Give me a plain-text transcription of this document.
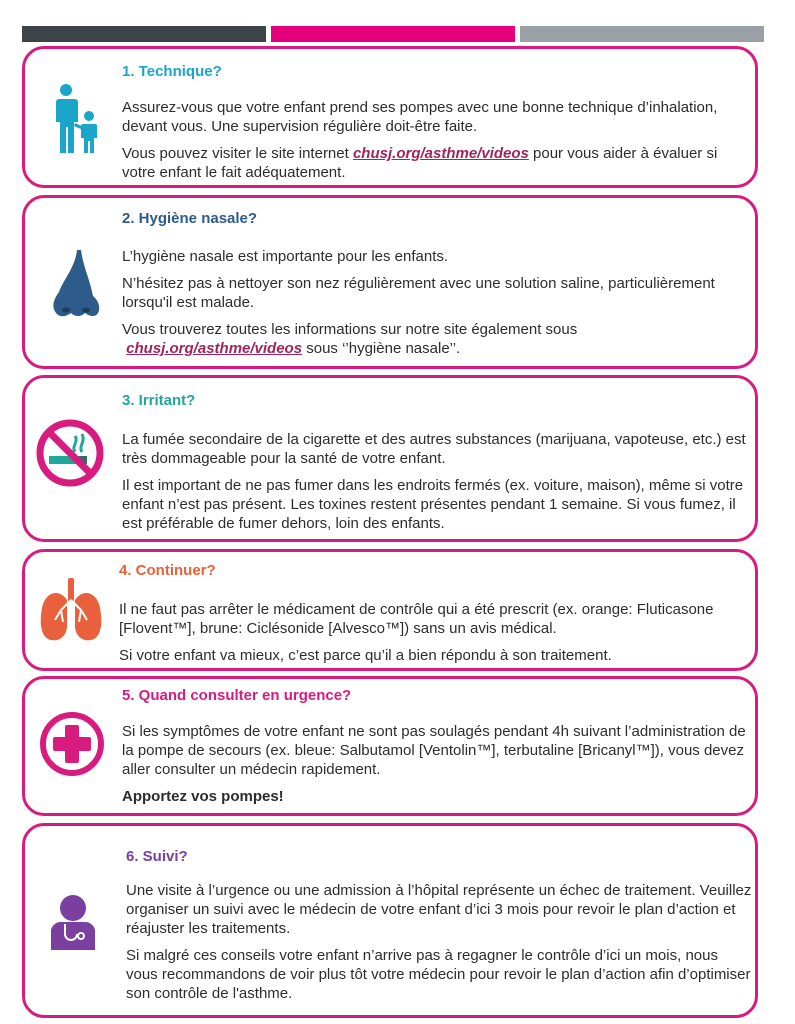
1. Technique?

Assurez-vous que votre enfant prend ses pompes avec une bonne technique d’inhalation, devant vous. Une supervision régulière doit-être faite.

Vous pouvez visiter le site internet chusj.org/asthme/videos pour vous aider à évaluer si votre enfant le fait adéquatement.

2. Hygiène nasale?

L’hygiène nasale est importante pour les enfants.

N’hésitez pas à nettoyer son nez régulièrement avec une solution saline, particulièrement lorsqu'il est malade.

Vous trouverez toutes les informations sur notre site également sous
chusj.org/asthme/videos sous ‘’hygiène nasale’’.

3. Irritant?

La fumée secondaire de la cigarette et des autres substances (marijuana, vapoteuse, etc.) est très dommageable pour la santé de votre enfant.

Il est important de ne pas fumer dans les endroits fermés (ex. voiture, maison), même si votre enfant n’est pas présent. Les toxines restent présentes pendant 1 semaine. Si vous fumez, il est préférable de fumer dehors, loin des enfants.

4. Continuer?

Il ne faut pas arrêter le médicament de contrôle qui a été prescrit (ex. orange: Fluticasone [Flovent™], brune: Ciclésonide [Alvesco™]) sans un avis médical.

Si votre enfant va mieux, c’est parce qu’il a bien répondu à son traitement.

5. Quand consulter en urgence?

Si les symptômes de votre enfant ne sont pas soulagés pendant 4h suivant l’administration de la pompe de secours (ex. bleue: Salbutamol [Ventolin™], terbutaline [Bricanyl™]), vous devez aller consulter un médecin rapidement.

Apportez vos pompes!

6. Suivi?

Une visite à l’urgence ou une admission à l’hôpital représente un échec de traitement. Veuillez organiser un suivi avec le médecin de votre enfant d’ici 3 mois pour revoir le plan d’action et réajuster les traitements.

Si malgré ces conseils votre enfant n’arrive pas à regagner le contrôle d’ici un mois, nous vous recommandons de voir plus tôt votre médecin pour revoir le plan d’action afin d’optimiser son contrôle de l'asthme.
